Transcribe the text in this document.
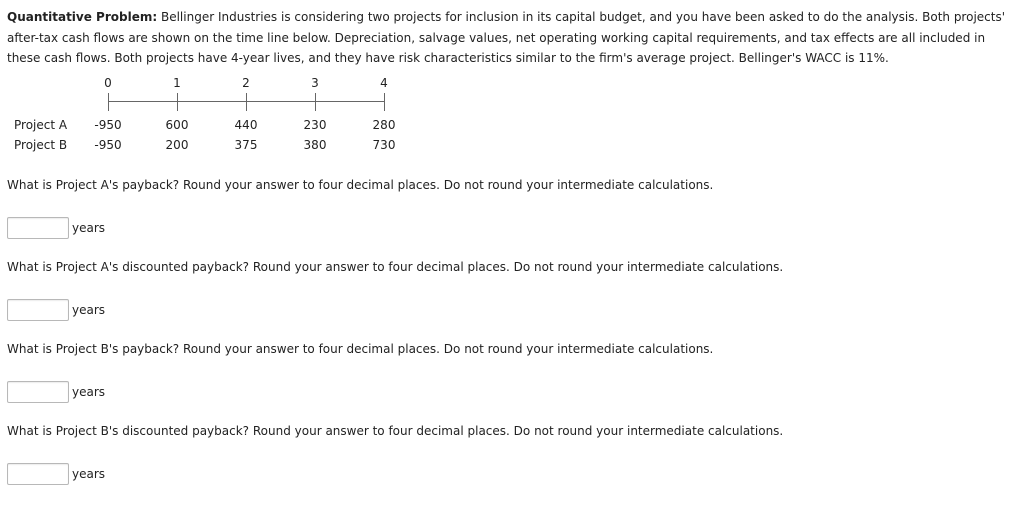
Quantitative Problem: Bellinger Industries is considering two projects for inclusion in its capital budget, and you have been asked to do the analysis. Both projects' after-tax cash flows are shown on the time line below. Depreciation, salvage values, net operating working capital requirements, and tax effects are all included in these cash flows. Both projects have 4-year lives, and they have risk characteristics similar to the firm's average project. Bellinger's WACC is 11%.

0	1	2	3	4
Project A	-950	600	440	230	280
Project B	-950	200	375	380	730

What is Project A's payback? Round your answer to four decimal places. Do not round your intermediate calculations.

years

What is Project A's discounted payback? Round your answer to four decimal places. Do not round your intermediate calculations.

years

What is Project B's payback? Round your answer to four decimal places. Do not round your intermediate calculations.

years

What is Project B's discounted payback? Round your answer to four decimal places. Do not round your intermediate calculations.

years
